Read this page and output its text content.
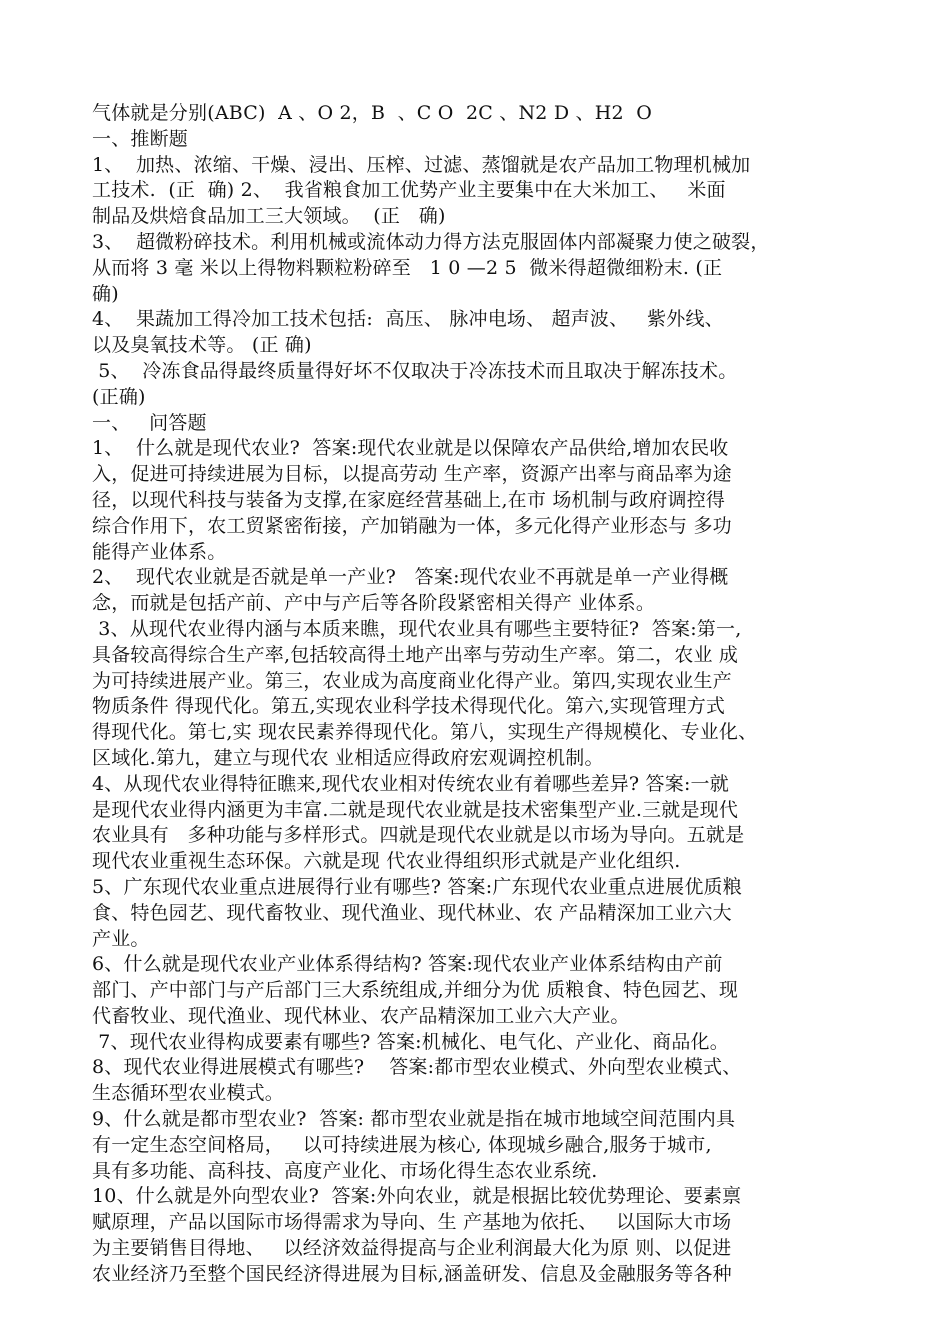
气体就是分别(ABC)  A 、O 2，B  、C O  2C 、N2 D 、H2  O
一、推断题
1、  加热、浓缩、干燥、浸出、压榨、过滤、蒸馏就是农产品加工物理机械加
工技术.  (正  确) 2、  我省粮食加工优势产业主要集中在大米加工、   米面
制品及烘焙食品加工三大领域。  (正   确)
3、  超微粉碎技术。利用机械或流体动力得方法克服固体内部凝聚力使之破裂，
从而将 3 毫 米以上得物料颗粒粉碎至   1 0 —2 5  微米得超微细粉末. (正
确)
4、  果蔬加工得冷加工技术包括:  高压、 脉冲电场、 超声波、   紫外线、
以及臭氧技术等。 (正 确)
5、  冷冻食品得最终质量得好坏不仅取决于冷冻技术而且取决于解冻技术。
(正确)
一、   问答题
1、  什么就是现代农业?  答案:现代农业就是以保障农产品供给,增加农民收
入，促进可持续进展为目标，以提高劳动 生产率，资源产出率与商品率为途
径，以现代科技与装备为支撑,在家庭经营基础上,在市 场机制与政府调控得
综合作用下，农工贸紧密衔接，产加销融为一体，多元化得产业形态与 多功
能得产业体系。
2、  现代农业就是否就是单一产业?   答案:现代农业不再就是单一产业得概
念，而就是包括产前、产中与产后等各阶段紧密相关得产 业体系。
3、从现代农业得内涵与本质来瞧，现代农业具有哪些主要特征?  答案:第一,
具备较高得综合生产率,包括较高得土地产出率与劳动生产率。第二，农业 成
为可持续进展产业。第三，农业成为高度商业化得产业。第四,实现农业生产
物质条件 得现代化。第五,实现农业科学技术得现代化。第六,实现管理方式
得现代化。第七,实 现农民素养得现代化。第八，实现生产得规模化、专业化、
区域化.第九，建立与现代农 业相适应得政府宏观调控机制。
4、从现代农业得特征瞧来,现代农业相对传统农业有着哪些差异? 答案:一就
是现代农业得内涵更为丰富.二就是现代农业就是技术密集型产业.三就是现代
农业具有   多种功能与多样形式。四就是现代农业就是以市场为导向。五就是
现代农业重视生态环保。六就是现 代农业得组织形式就是产业化组织.
5、广东现代农业重点进展得行业有哪些? 答案:广东现代农业重点进展优质粮
食、特色园艺、现代畜牧业、现代渔业、现代林业、农 产品精深加工业六大
产业。
6、什么就是现代农业产业体系得结构? 答案:现代农业产业体系结构由产前
部门、产中部门与产后部门三大系统组成,并细分为优 质粮食、特色园艺、现
代畜牧业、现代渔业、现代林业、农产品精深加工业六大产业。
7、现代农业得构成要素有哪些? 答案:机械化、电气化、产业化、商品化。
8、现代农业得进展模式有哪些?    答案:都市型农业模式、外向型农业模式、
生态循环型农业模式。
9、什么就是都市型农业?  答案: 都市型农业就是指在城市地域空间范围内具
有一定生态空间格局，   以可持续进展为核心, 体现城乡融合,服务于城市,
具有多功能、高科技、高度产业化、市场化得生态农业系统.
10、什么就是外向型农业?  答案:外向农业，就是根据比较优势理论、要素禀
赋原理，产品以国际市场得需求为导向、生 产基地为依托、   以国际大市场
为主要销售目得地、   以经济效益得提高与企业利润最大化为原 则、以促进
农业经济乃至整个国民经济得进展为目标,涵盖研发、信息及金融服务等各种
